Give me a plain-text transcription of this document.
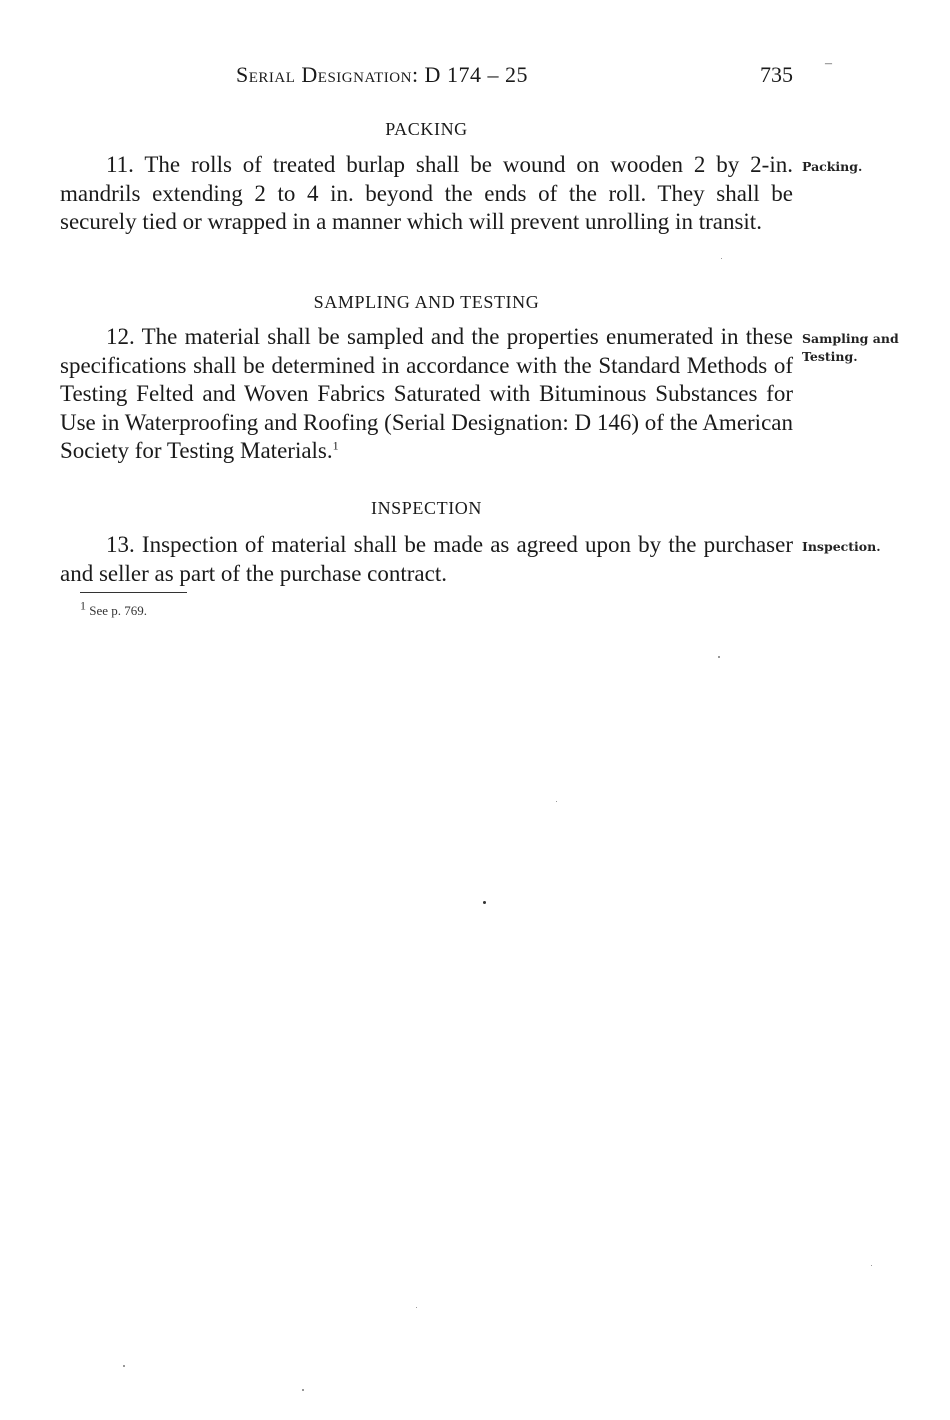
Serial Designation: D 174 – 25	735 –
PACKING

11. The rolls of treated burlap shall be wound on wooden 2 by 2-in. mandrils extending 2 to 4 in. beyond the ends of the roll. They shall be securely tied or wrapped in a manner which will prevent unrolling in transit.

Packing.
SAMPLING AND TESTING

12. The material shall be sampled and the properties enumerated in these specifications shall be determined in accordance with the Standard Methods of Testing Felted and Woven Fabrics Saturated with Bituminous Substances for Use in Waterproofing and Roofing (Serial Designation: D 146) of the American Society for Testing Materials.$^1$

Sampling and
Testing.
INSPECTION

13. Inspection of material shall be made as agreed upon by the purchaser and seller as part of the purchase contract.

Inspection.
$^1$ See p. 769.
